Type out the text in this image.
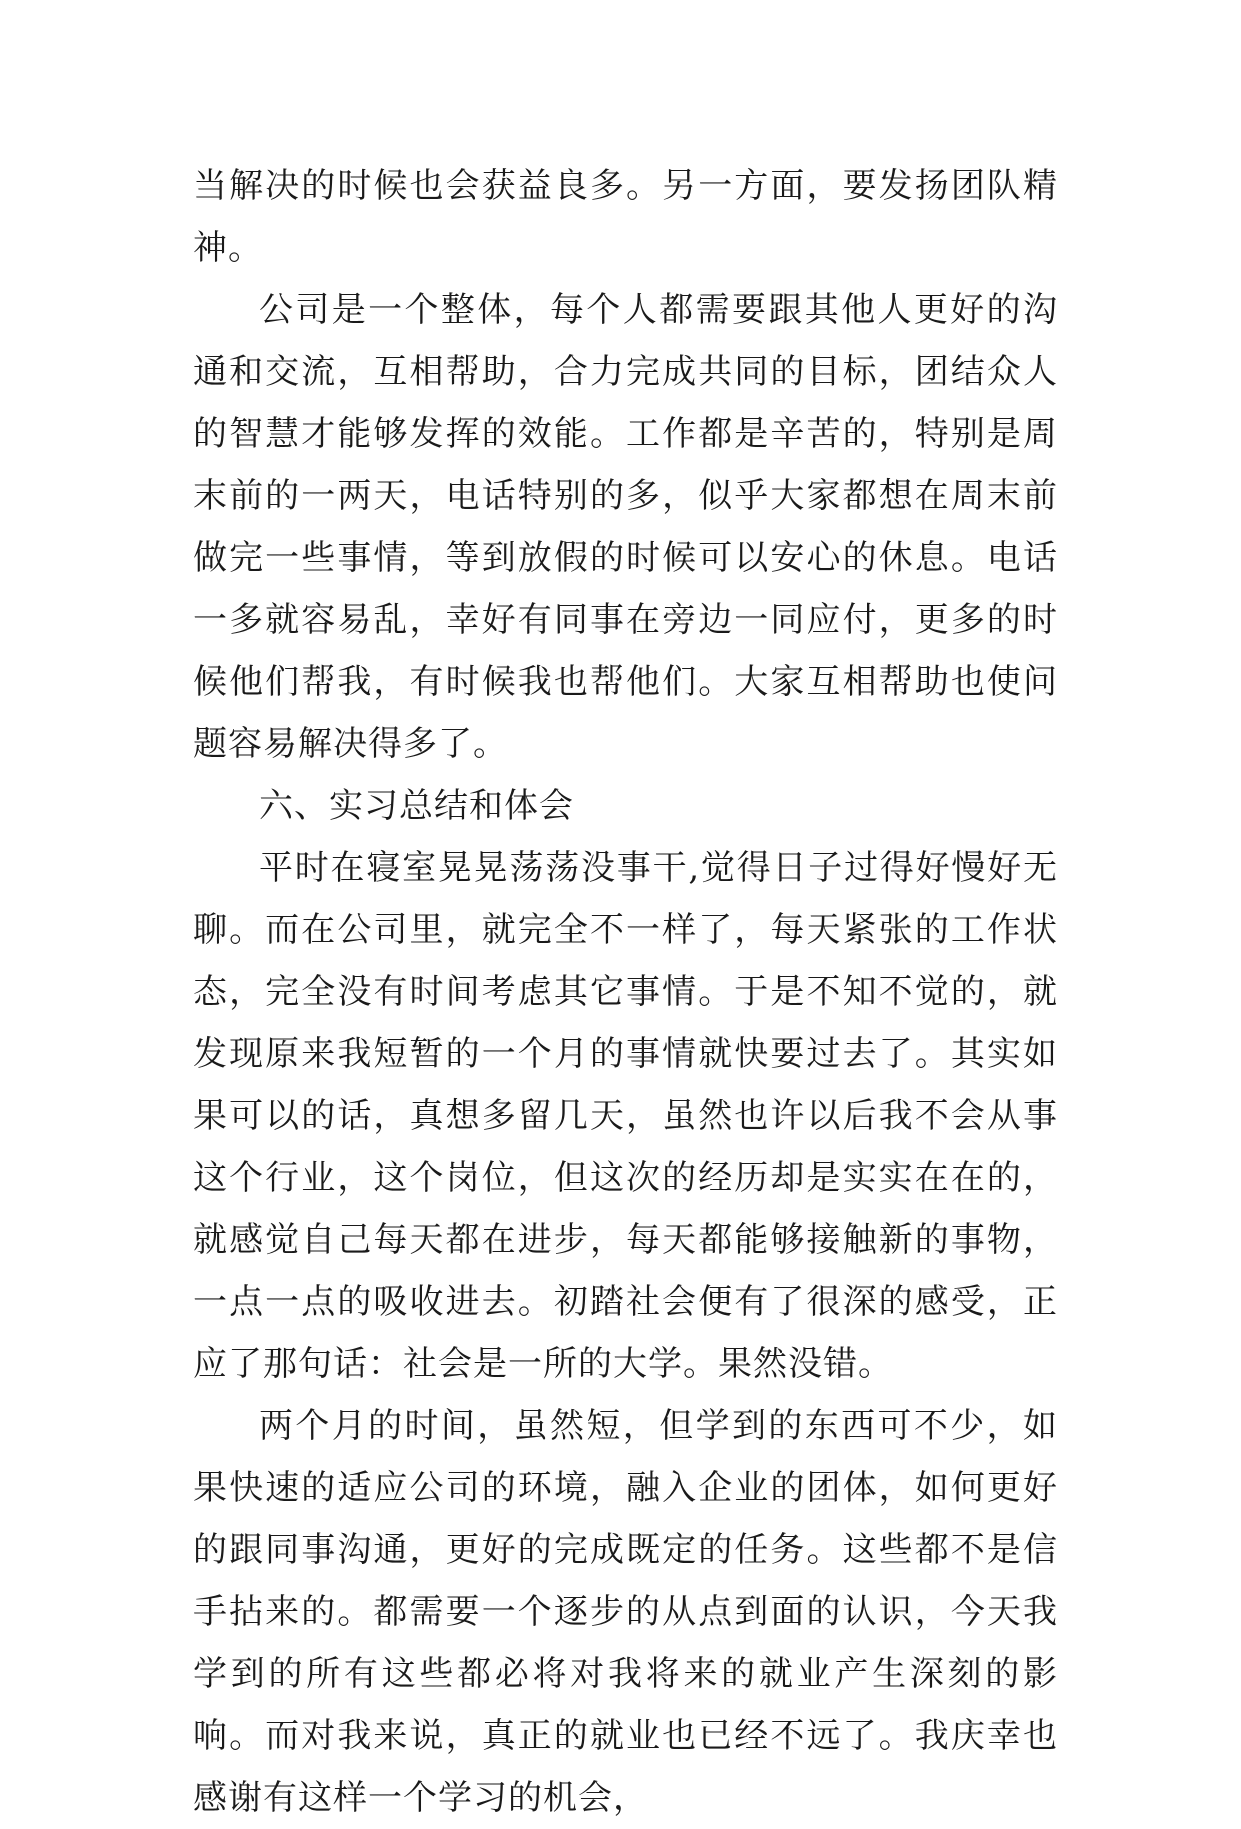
当解决的时候也会获益良多。另一方面，要发扬团队精神。

公司是一个整体，每个人都需要跟其他人更好的沟通和交流，互相帮助，合力完成共同的目标，团结众人的智慧才能够发挥的效能。工作都是辛苦的，特别是周末前的一两天，电话特别的多，似乎大家都想在周末前做完一些事情，等到放假的时候可以安心的休息。电话一多就容易乱，幸好有同事在旁边一同应付，更多的时候他们帮我，有时候我也帮他们。大家互相帮助也使问题容易解决得多了。

六、实习总结和体会

平时在寝室晃晃荡荡没事干,觉得日子过得好慢好无聊。而在公司里，就完全不一样了，每天紧张的工作状态，完全没有时间考虑其它事情。于是不知不觉的，就发现原来我短暂的一个月的事情就快要过去了。其实如果可以的话，真想多留几天，虽然也许以后我不会从事这个行业，这个岗位，但这次的经历却是实实在在的，就感觉自己每天都在进步，每天都能够接触新的事物，一点一点的吸收进去。初踏社会便有了很深的感受，正应了那句话：社会是一所的大学。果然没错。

两个月的时间，虽然短，但学到的东西可不少，如果快速的适应公司的环境，融入企业的团体，如何更好的跟同事沟通，更好的完成既定的任务。这些都不是信手拈来的。都需要一个逐步的从点到面的认识，今天我学到的所有这些都必将对我将来的就业产生深刻的影响。而对我来说，真正的就业也已经不远了。我庆幸也感谢有这样一个学习的机会，
